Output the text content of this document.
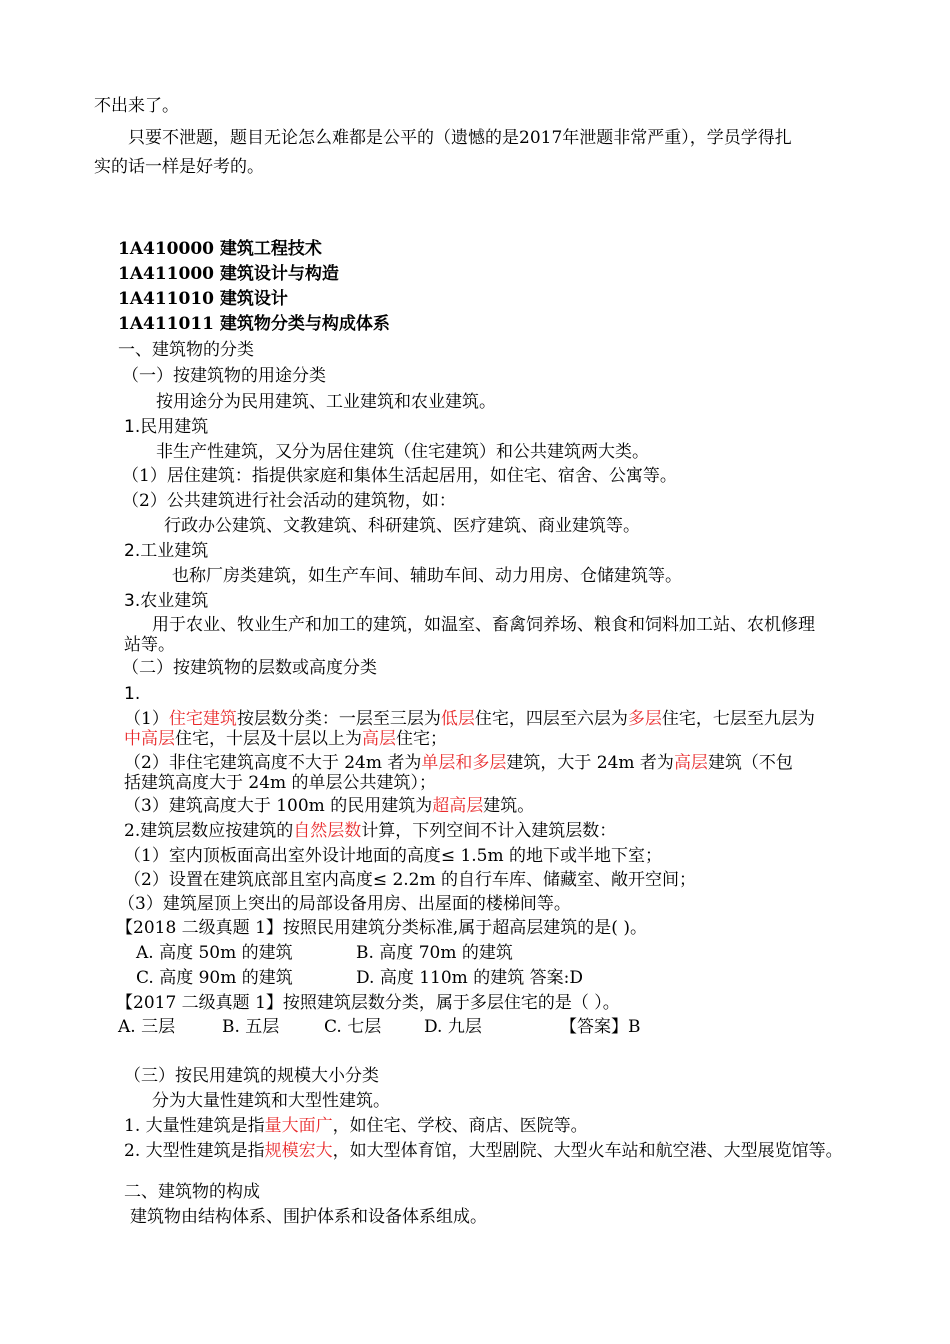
不出来了。
只要不泄题，题目无论怎么难都是公平的（遗憾的是2017年泄题非常严重），学员学得扎
实的话一样是好考的。
1A410000 建筑工程技术
1A411000 建筑设计与构造
1A411010 建筑设计
1A411011 建筑物分类与构成体系
一、建筑物的分类
（一）按建筑物的用途分类
按用途分为民用建筑、工业建筑和农业建筑。
1.民用建筑
非生产性建筑，又分为居住建筑（住宅建筑）和公共建筑两大类。
（1）居住建筑：指提供家庭和集体生活起居用，如住宅、宿舍、公寓等。
（2）公共建筑进行社会活动的建筑物，如：
行政办公建筑、文教建筑、科研建筑、医疗建筑、商业建筑等。
2.工业建筑
也称厂房类建筑，如生产车间、辅助车间、动力用房、仓储建筑等。
3.农业建筑
用于农业、牧业生产和加工的建筑，如温室、畜禽饲养场、粮食和饲料加工站、农机修理
站等。
（二）按建筑物的层数或高度分类
1.
（1）住宅建筑按层数分类：一层至三层为低层住宅，四层至六层为多层住宅，七层至九层为
中高层住宅，十层及十层以上为高层住宅；
（2）非住宅建筑高度不大于 24m 者为单层和多层建筑，大于 24m 者为高层建筑（不包
括建筑高度大于 24m 的单层公共建筑）；
（3）建筑高度大于 100m 的民用建筑为超高层建筑。
2.建筑层数应按建筑的自然层数计算，下列空间不计入建筑层数：
（1）室内顶板面高出室外设计地面的高度≤ 1.5m 的地下或半地下室；
（2）设置在建筑底部且室内高度≤ 2.2m 的自行车库、储藏室、敞开空间；
（3）建筑屋顶上突出的局部设备用房、出屋面的楼梯间等。
【2018 二级真题 1】按照民用建筑分类标准,属于超高层建筑的是( )。
A. 高度 50m 的建筑	B. 高度 70m 的建筑
C. 高度 90m 的建筑	D. 高度 110m 的建筑 答案:D
【2017 二级真题 1】按照建筑层数分类，属于多层住宅的是（ ）。
A. 三层	B. 五层	C. 七层	D. 九层	【答案】B
（三）按民用建筑的规模大小分类
分为大量性建筑和大型性建筑。
1. 大量性建筑是指量大面广，如住宅、学校、商店、医院等。
2. 大型性建筑是指规模宏大，如大型体育馆，大型剧院、大型火车站和航空港、大型展览馆等。
二、建筑物的构成
建筑物由结构体系、围护体系和设备体系组成。
